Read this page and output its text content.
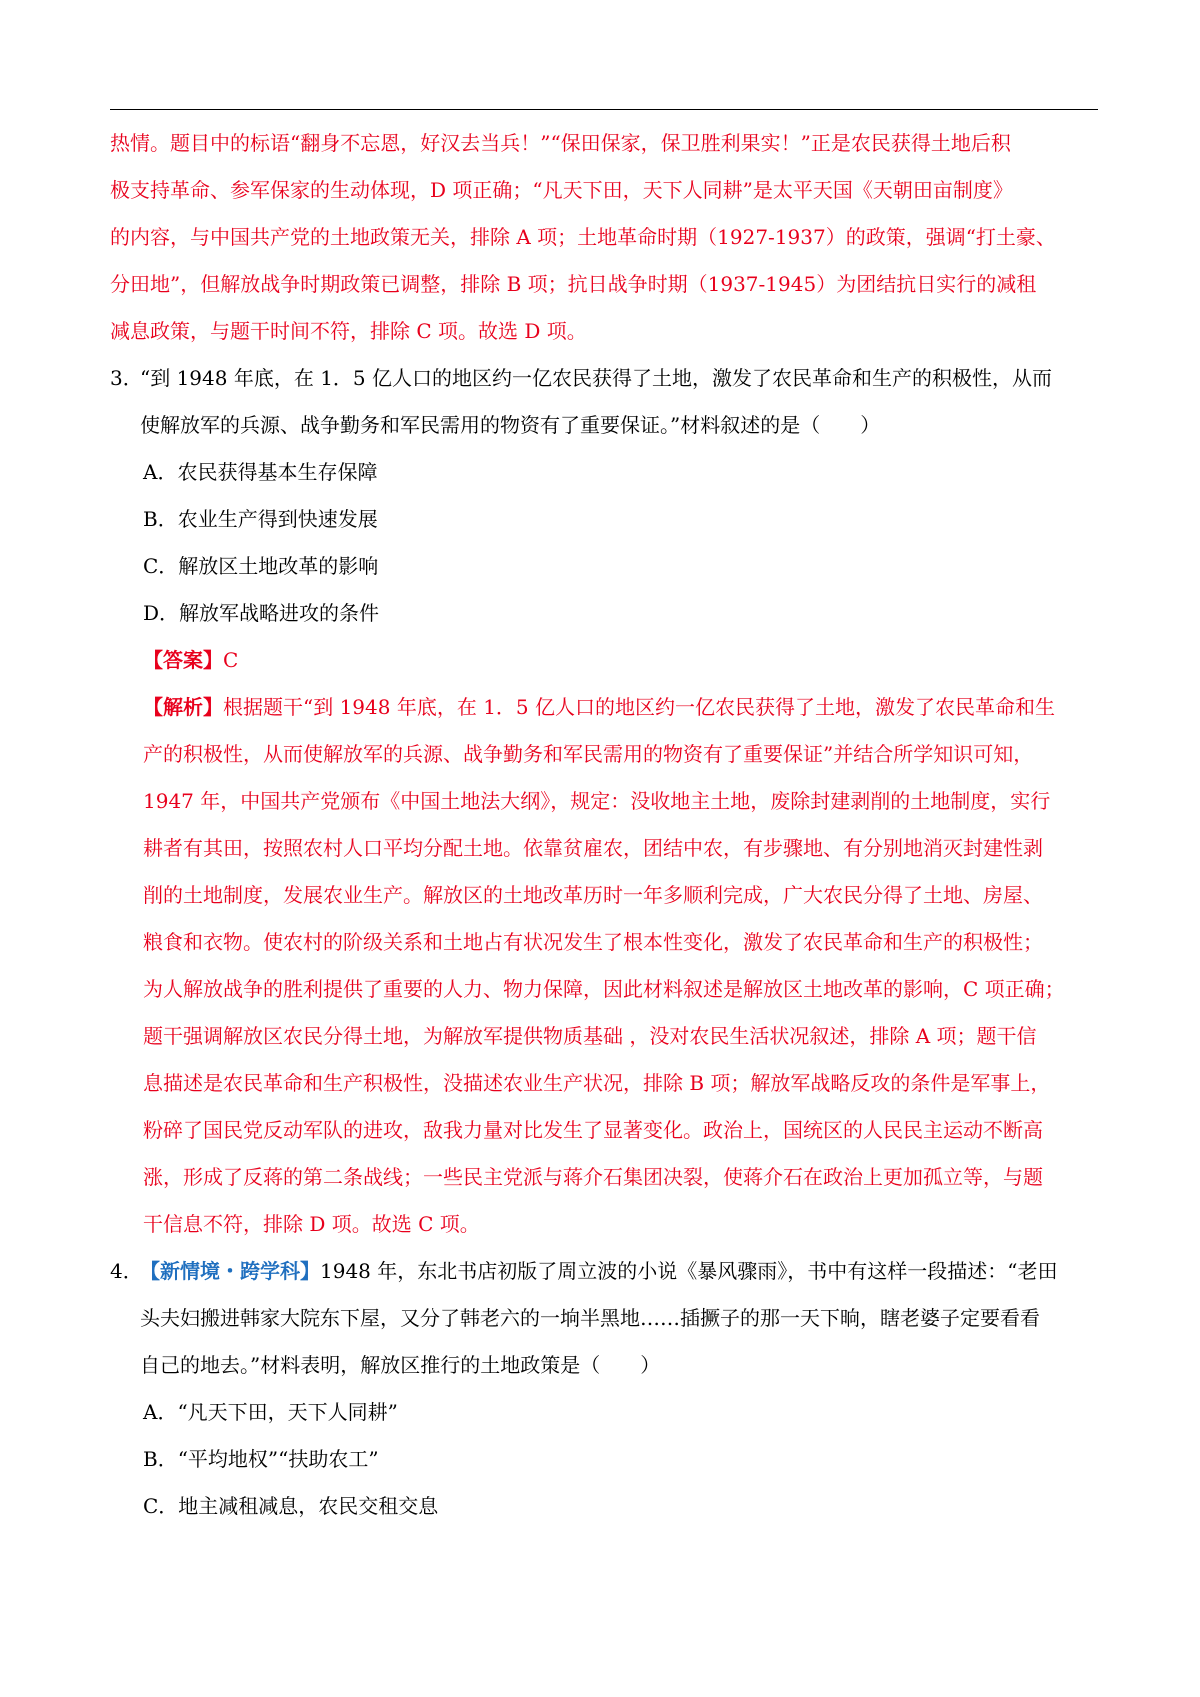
热情。题目中的标语“翻身不忘恩，好汉去当兵！”“保田保家，保卫胜利果实！”正是农民获得土地后积

极支持革命、参军保家的生动体现，D 项正确；“凡天下田，天下人同耕”是太平天国《天朝田亩制度》

的内容，与中国共产党的土地政策无关，排除 A 项；土地革命时期（1927-1937）的政策，强调“打土豪、

分田地”，但解放战争时期政策已调整，排除 B 项；抗日战争时期（1937-1945）为团结抗日实行的减租

减息政策，与题干时间不符，排除 C 项。故选 D 项。

3．
“到 1948 年底，在 1．5 亿人口的地区约一亿农民获得了土地，激发了农民革命和生产的积极性，从而
使解放军的兵源、战争勤务和军民需用的物资有了重要保证。”材料叙述的是（　　）

A．农民获得基本生存保障

B．农业生产得到快速发展

C．解放区土地改革的影响

D．解放军战略进攻的条件

【答案】C

【解析】根据题干“到 1948 年底，在 1．5 亿人口的地区约一亿农民获得了土地，激发了农民革命和生

产的积极性，从而使解放军的兵源、战争勤务和军民需用的物资有了重要保证”并结合所学知识可知，

1947 年，中国共产党颁布《中国土地法大纲》，规定：没收地主土地，废除封建剥削的土地制度，实行

耕者有其田，按照农村人口平均分配土地。依靠贫雇农，团结中农，有步骤地、有分别地消灭封建性剥

削的土地制度，发展农业生产。解放区的土地改革历时一年多顺利完成，广大农民分得了土地、房屋、

粮食和衣物。使农村的阶级关系和土地占有状况发生了根本性变化，激发了农民革命和生产的积极性；

为人解放战争的胜利提供了重要的人力、物力保障，因此材料叙述是解放区土地改革的影响，C 项正确；

题干强调解放区农民分得土地，为解放军提供物质基础 ，没对农民生活状况叙述，排除 A 项；题干信

息描述是农民革命和生产积极性，没描述农业生产状况，排除 B 项；解放军战略反攻的条件是军事上，

粉碎了国民党反动军队的进攻，敌我力量对比发生了显著变化。政治上，国统区的人民民主运动不断高

涨，形成了反蒋的第二条战线；一些民主党派与蒋介石集团决裂，使蒋介石在政治上更加孤立等，与题

干信息不符，排除 D 项。故选 C 项。

4．
【新情境・跨学科】1948 年，东北书店初版了周立波的小说《暴风骤雨》，书中有这样一段描述：“老田
头夫妇搬进韩家大院东下屋，又分了韩老六的一垧半黑地……插撅子的那一天下晌，瞎老婆子定要看看
自己的地去。”材料表明，解放区推行的土地政策是（　　）

A．“凡天下田，天下人同耕”

B．“平均地权”“扶助农工”

C．地主减租减息，农民交租交息
